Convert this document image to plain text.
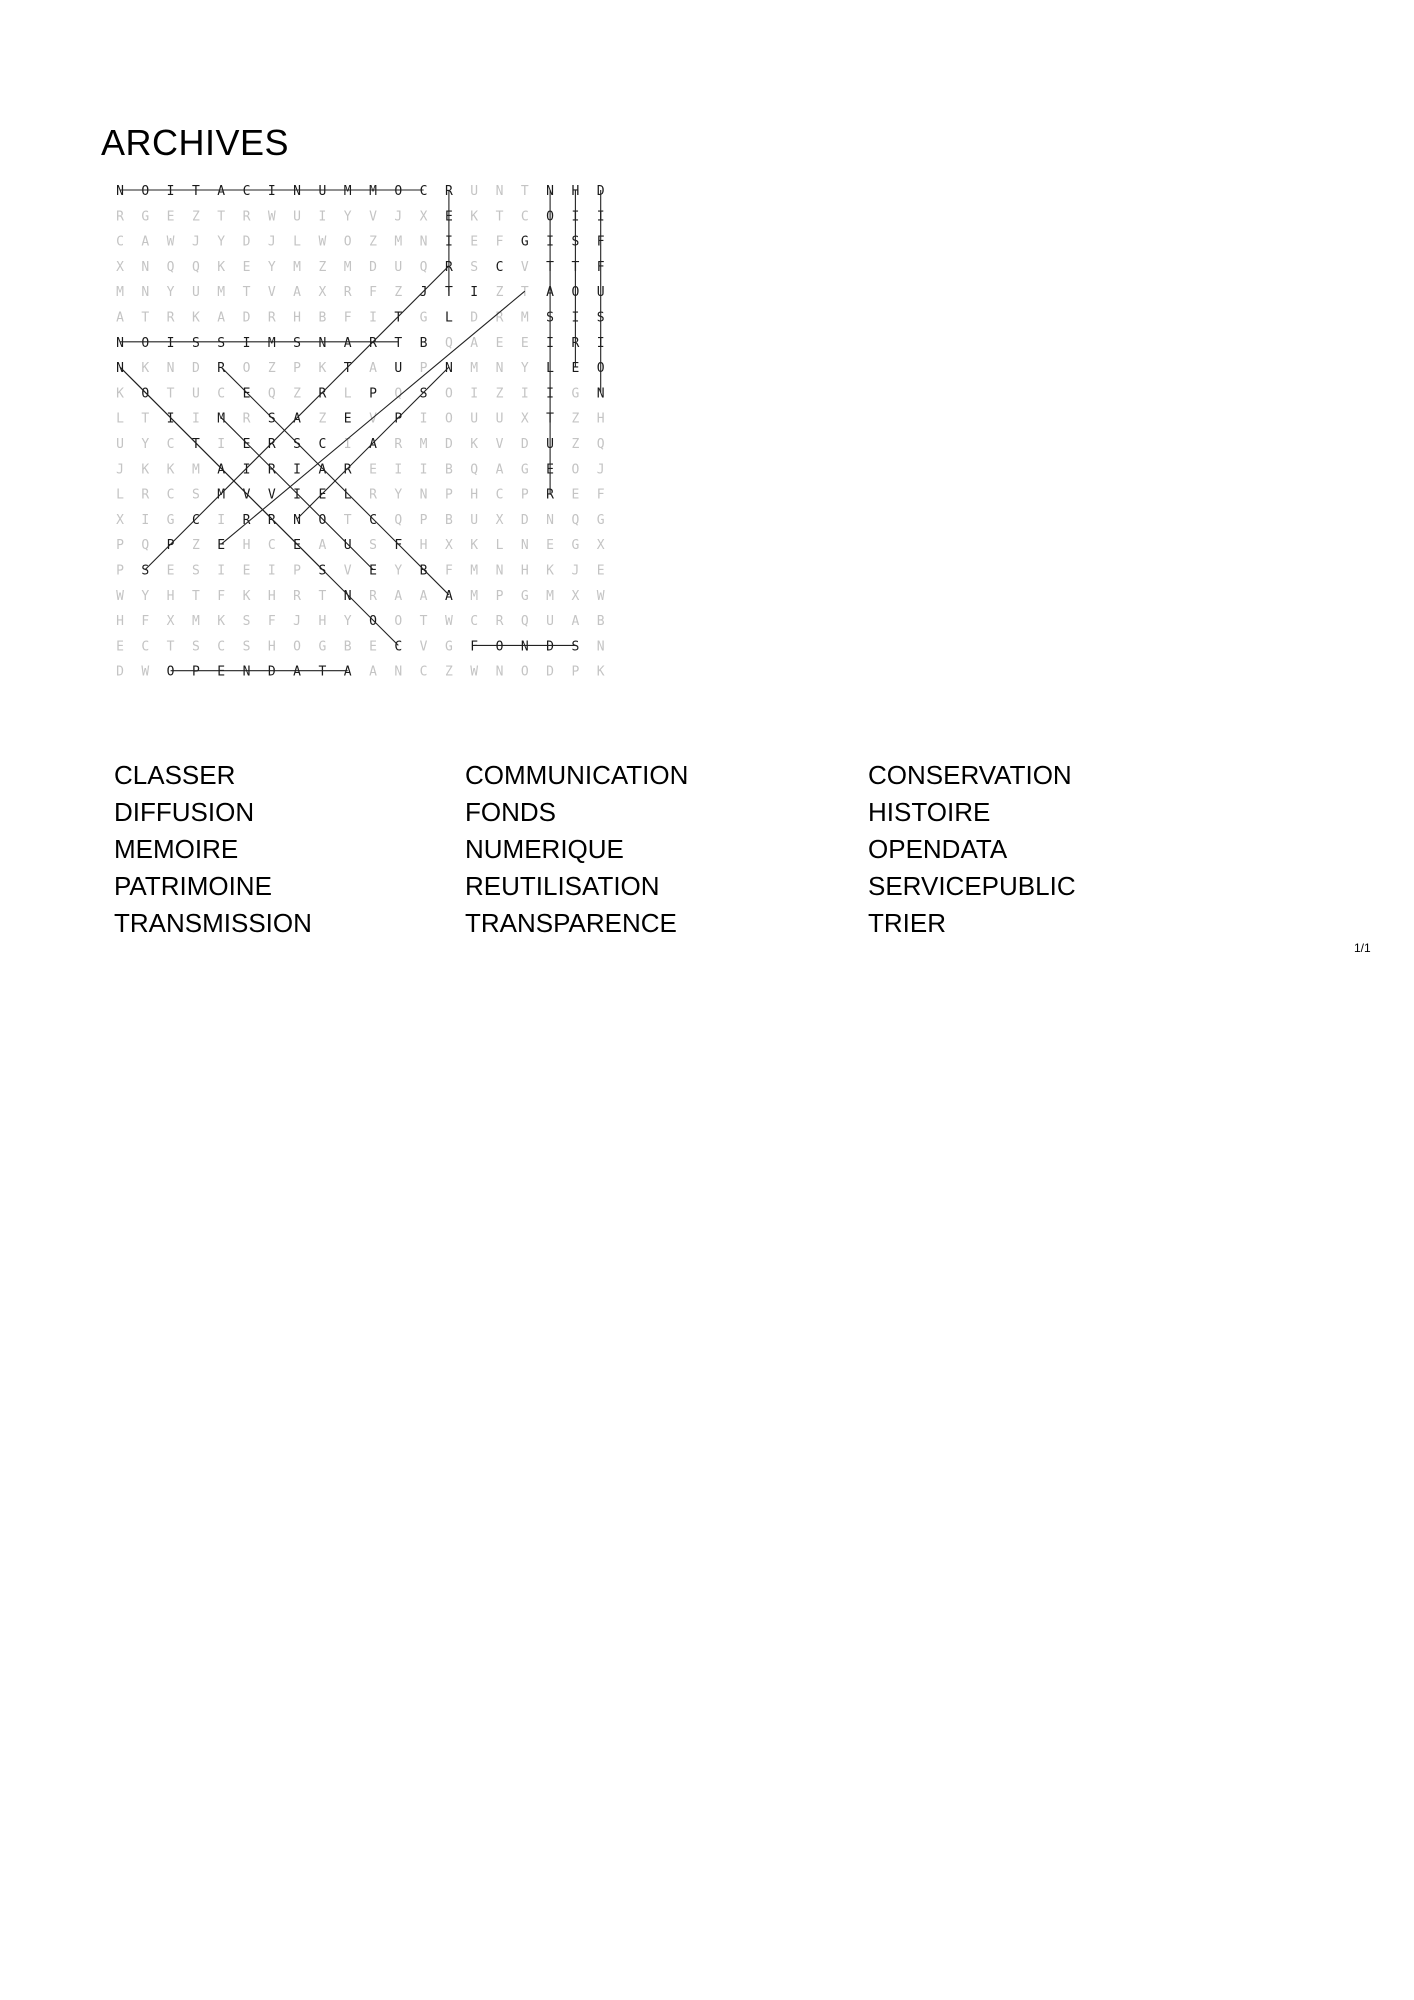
ARCHIVES
N O I T A C I N U M M O C R U N T N H D
R G E Z T R W U I Y V J X E K T C O I I
C A W J Y D J L W O Z M N I E F G I S F
X N Q Q K E Y M Z M D U Q R S C V T T F
M N Y U M T V A X R F Z J T I Z T A O U
A T R K A D R H B F I T G L D R M S I S
N O I S S I M S N A R T B Q A E E I R I
N K N D R O Z P K T A U P N M N Y L E O
K O T U C E Q Z R L P Q S O I Z I I G N
L T I I M R S A Z E V P I O U U X T Z H
U Y C T I E R S C I A R M D K V D U Z Q
J K K M A I R I A R E I I B Q A G E O J
L R C S M V V I E L R Y N P H C P R E F
X I G C I R R N O T C Q P B U X D N Q G
P Q P Z E H C E A U S F H X K L N E G X
P S E S I E I P S V E Y B F M N H K J E
W Y H T F K H R T N R A A A M P G M X W
H F X M K S F J H Y O O T W C R Q U A B
E C T S C S H O G B E C V G F O N D S N
D W O P E N D A T A A N C Z W N O D P K
CLASSER	COMMUNICATION	CONSERVATION
DIFFUSION	FONDS	HISTOIRE
MEMOIRE	NUMERIQUE	OPENDATA
PATRIMOINE	REUTILISATION	SERVICEPUBLIC
TRANSMISSION	TRANSPARENCE	TRIER
1/1
